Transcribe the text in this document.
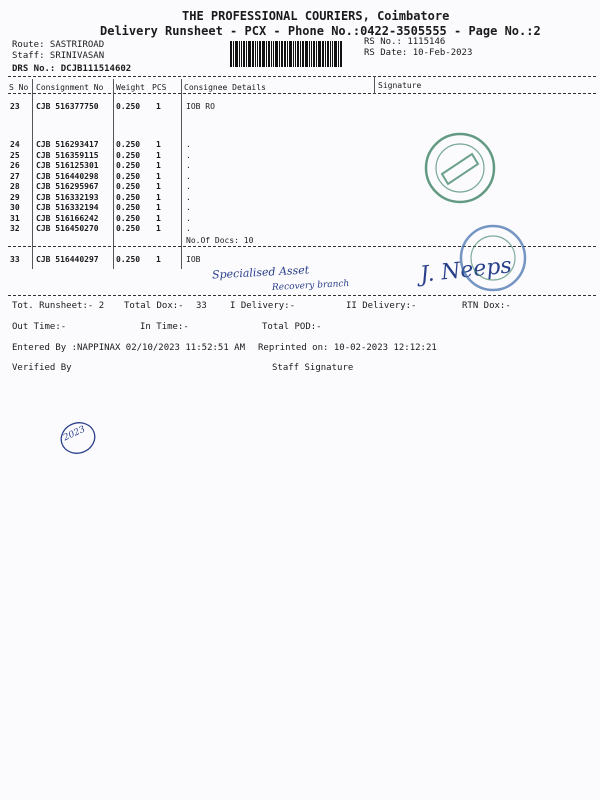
THE PROFESSIONAL COURIERS, Coimbatore
Delivery Runsheet - PCX - Phone No.:0422-3505555 - Page No.:2
Route: SASTRIROAD
Staff: SRINIVASAN
DRS No.: DCJB111514602
RS No.: 1115146
RS Date: 10-Feb-2023
S No Consignment No Weight PCS Consignee Details	Signature
23 CJB 516377750 0.250 1	IOB RO
24 CJB 516293417 0.250 1	.
25 CJB 516359115 0.250 1	.
26 CJB 516125301 0.250 1	.
27 CJB 516440298 0.250 1	.
28 CJB 516295967 0.250 1	.
29 CJB 516332193 0.250 1	.
30 CJB 516332194 0.250 1	.
31 CJB 516166242 0.250 1	.
32 CJB 516450270 0.250 1	.
No.Of Docs: 10
33 CJB 516440297 0.250 1	IOB
Specialised Asset
Recovery branch	J. Neeps
Tot. Runsheet:- 2 Total Dox:- 33	I Delivery:-	II Delivery:-	RTN Dox:-
Out Time:-	In Time:-	Total POD:-
Entered By :NAPPINAX 02/10/2023 11:52:51 AM Reprinted on: 10-02-2023 12:12:21
Verified By	Staff Signature
2023
